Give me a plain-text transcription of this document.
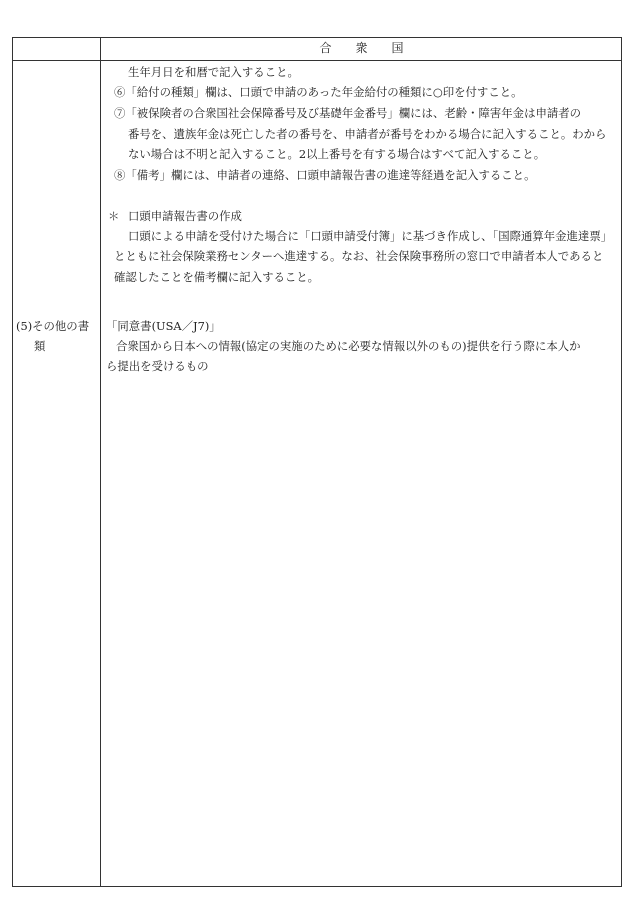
合衆国
生年月日を和暦で記入すること。
⑥「給付の種類」欄は、口頭で申請のあった年金給付の種類に○印を付すこと。
⑦「被保険者の合衆国社会保障番号及び基礎年金番号」欄には、老齢・障害年金は申請者の
番号を、遺族年金は死亡した者の番号を、申請者が番号をわかる場合に記入すること。わから
ない場合は不明と記入すること。2以上番号を有する場合はすべて記入すること。
⑧「備考」欄には、申請者の連絡、口頭申請報告書の進達等経過を記入すること。
＊ 口頭申請報告書の作成
口頭による申請を受付けた場合に「口頭申請受付簿」に基づき作成し、「国際通算年金進達票」
とともに社会保険業務センターへ進達する。なお、社会保険事務所の窓口で申請者本人であると
確認したことを備考欄に記入すること。
(5)その他の書
類
「同意書(USA／J7)」
合衆国から日本への情報(協定の実施のために必要な情報以外のもの)提供を行う際に本人か
ら提出を受けるもの
